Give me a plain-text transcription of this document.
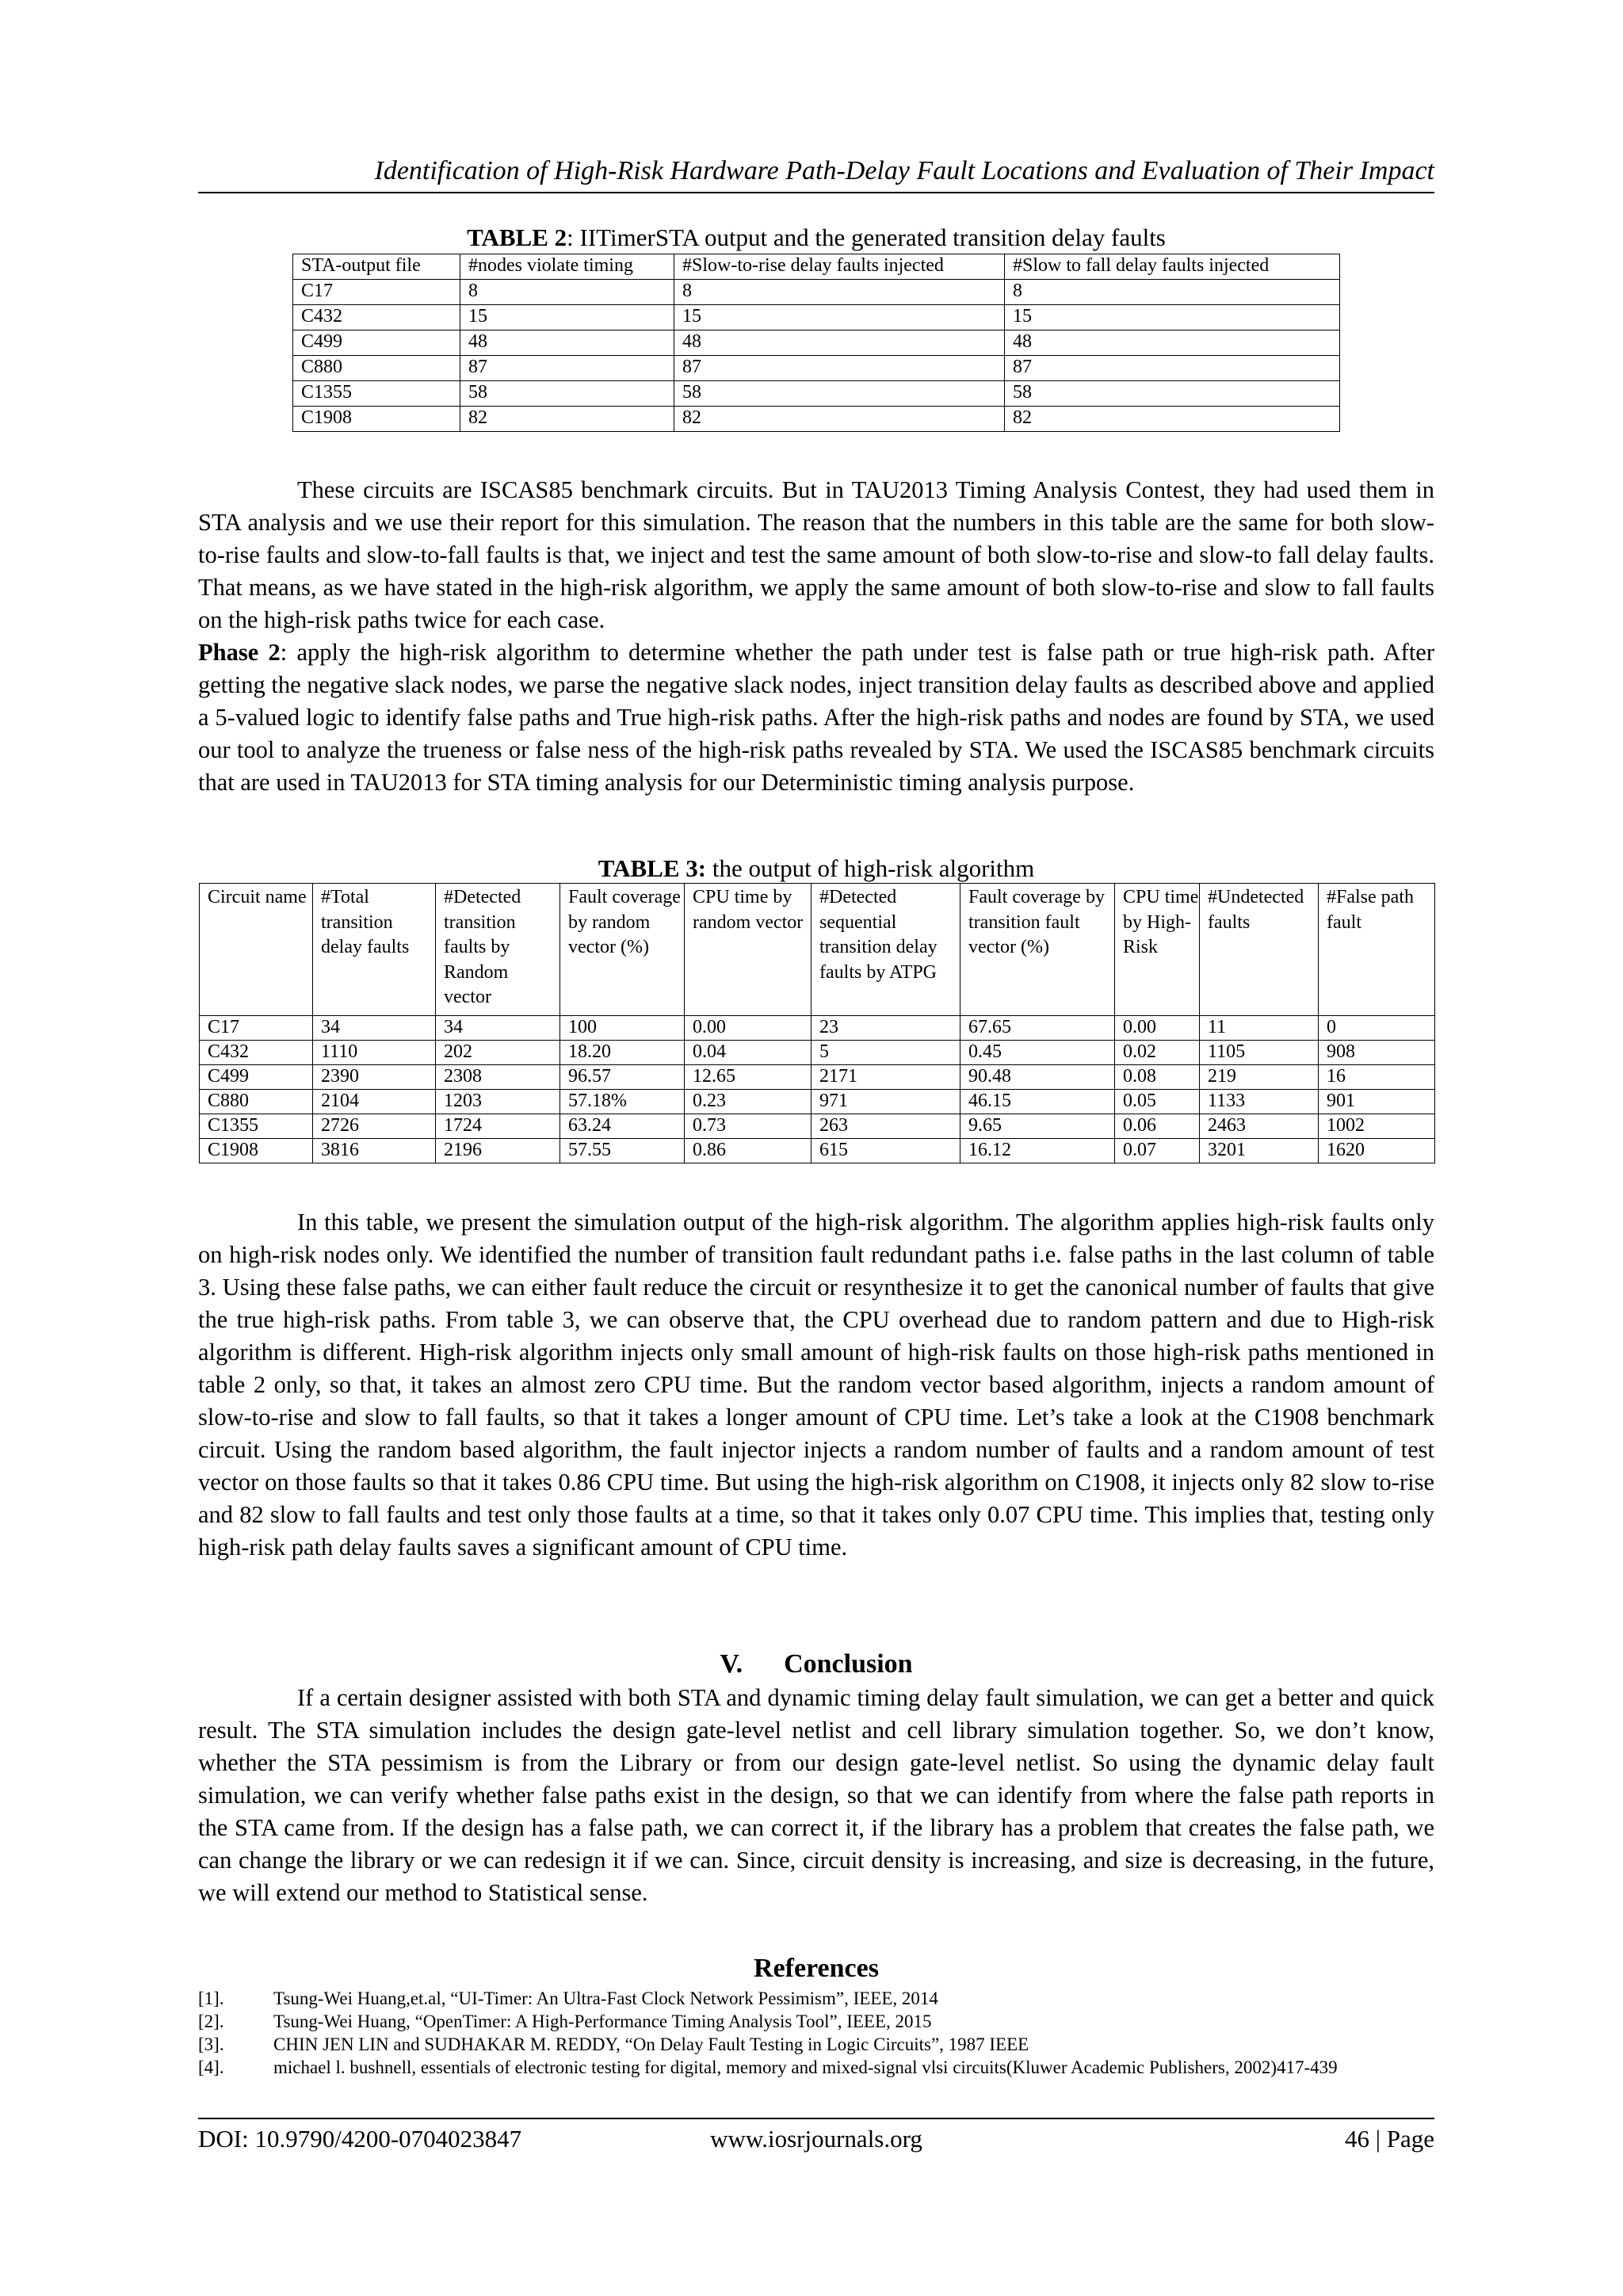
Identification of High-Risk Hardware Path-Delay Fault Locations and Evaluation of Their Impact
TABLE 2: IITimerSTA output and the generated transition delay faults
STA-output file	#nodes violate timing	#Slow-to-rise delay faults injected	#Slow to fall delay faults injected
C17	8	8	8
C432	15	15	15
C499	48	48	48
C880	87	87	87
C1355	58	58	58
C1908	82	82	82

These circuits are ISCAS85 benchmark circuits. But in TAU2013 Timing Analysis Contest, they had used them in STA analysis and we use their report for this simulation. The reason that the numbers in this table are the same for both slow-to-rise faults and slow-to-fall faults is that, we inject and test the same amount of both slow-to-rise and slow-to fall delay faults. That means, as we have stated in the high-risk algorithm, we apply the same amount of both slow-to-rise and slow to fall faults on the high-risk paths twice for each case.

Phase 2: apply the high-risk algorithm to determine whether the path under test is false path or true high-risk path. After getting the negative slack nodes, we parse the negative slack nodes, inject transition delay faults as described above and applied a 5-valued logic to identify false paths and True high-risk paths. After the high-risk paths and nodes are found by STA, we used our tool to analyze the trueness or false ness of the high-risk paths revealed by STA. We used the ISCAS85 benchmark circuits that are used in TAU2013 for STA timing analysis for our Deterministic timing analysis purpose.

TABLE 3: the output of high-risk algorithm
Circuit name	#Total transition delay faults	#Detected transition faults by Random vector	Fault coverage by random vector (%)	CPU time by random vector	#Detected sequential transition delay faults by ATPG	Fault coverage by transition fault vector (%)	CPU time by High-Risk	#Undetected faults	#False path fault
C17	34	34	100	0.00	23	67.65	0.00	11	0
C432	1110	202	18.20	0.04	5	0.45	0.02	1105	908
C499	2390	2308	96.57	12.65	2171	90.48	0.08	219	16
C880	2104	1203	57.18%	0.23	971	46.15	0.05	1133	901
C1355	2726	1724	63.24	0.73	263	9.65	0.06	2463	1002
C1908	3816	2196	57.55	0.86	615	16.12	0.07	3201	1620

In this table, we present the simulation output of the high-risk algorithm. The algorithm applies high-risk faults only on high-risk nodes only. We identified the number of transition fault redundant paths i.e. false paths in the last column of table 3. Using these false paths, we can either fault reduce the circuit or resynthesize it to get the canonical number of faults that give the true high-risk paths. From table 3, we can observe that, the CPU overhead due to random pattern and due to High-risk algorithm is different. High-risk algorithm injects only small amount of high-risk faults on those high-risk paths mentioned in table 2 only, so that, it takes an almost zero CPU time. But the random vector based algorithm, injects a random amount of slow-to-rise and slow to fall faults, so that it takes a longer amount of CPU time. Let’s take a look at the C1908 benchmark circuit. Using the random based algorithm, the fault injector injects a random number of faults and a random amount of test vector on those faults so that it takes 0.86 CPU time. But using the high-risk algorithm on C1908, it injects only 82 slow to-rise and 82 slow to fall faults and test only those faults at a time, so that it takes only 0.07 CPU time. This implies that, testing only high-risk path delay faults saves a significant amount of CPU time.

V. Conclusion

If a certain designer assisted with both STA and dynamic timing delay fault simulation, we can get a better and quick result. The STA simulation includes the design gate-level netlist and cell library simulation together. So, we don’t know, whether the STA pessimism is from the Library or from our design gate-level netlist. So using the dynamic delay fault simulation, we can verify whether false paths exist in the design, so that we can identify from where the false path reports in the STA came from. If the design has a false path, we can correct it, if the library has a problem that creates the false path, we can change the library or we can redesign it if we can. Since, circuit density is increasing, and size is decreasing, in the future, we will extend our method to Statistical sense.

References
[1].	Tsung-Wei Huang,et.al, “UI-Timer: An Ultra-Fast Clock Network Pessimism”, IEEE, 2014
[2].	Tsung-Wei Huang, “OpenTimer: A High-Performance Timing Analysis Tool”, IEEE, 2015
[3].	CHIN JEN LIN and SUDHAKAR M. REDDY, “On Delay Fault Testing in Logic Circuits”, 1987 IEEE
[4].	michael l. bushnell, essentials of electronic testing for digital, memory and mixed-signal vlsi circuits(Kluwer Academic Publishers, 2002)417-439
DOI: 10.9790/4200-0704023847	www.iosrjournals.org	46 | Page
